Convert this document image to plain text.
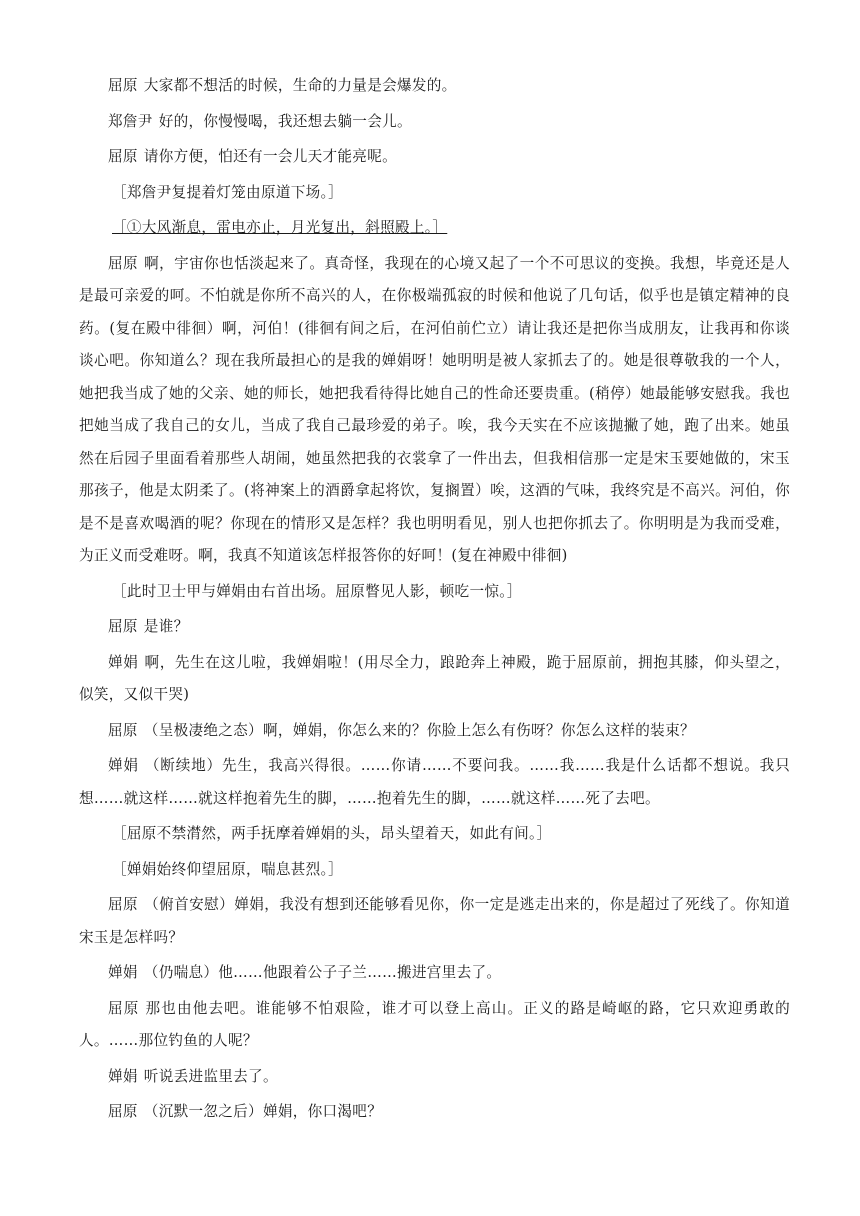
屈原 大家都不想活的时候，生命的力量是会爆发的。

郑詹尹 好的，你慢慢喝，我还想去躺一会儿。

屈原 请你方便，怕还有一会儿天才能亮呢。

［郑詹尹复提着灯笼由原道下场。］

［①大风渐息，雷电亦止，月光复出，斜照殿上。］

屈原 啊，宇宙你也恬淡起来了。真奇怪，我现在的心境又起了一个不可思议的变换。我想，毕竟还是人是最可亲爱的呵。不怕就是你所不高兴的人，在你极端孤寂的时候和他说了几句话，似乎也是镇定精神的良药。(复在殿中徘徊）啊，河伯！(徘徊有间之后，在河伯前伫立）请让我还是把你当成朋友，让我再和你谈谈心吧。你知道么？现在我所最担心的是我的婵娟呀！她明明是被人家抓去了的。她是很尊敬我的一个人，她把我当成了她的父亲、她的师长，她把我看待得比她自己的性命还要贵重。(稍停）她最能够安慰我。我也把她当成了我自己的女儿，当成了我自己最珍爱的弟子。唉，我今天实在不应该抛撇了她，跑了出来。她虽然在后园子里面看着那些人胡闹，她虽然把我的衣裳拿了一件出去，但我相信那一定是宋玉要她做的，宋玉那孩子，他是太阴柔了。(将神案上的酒爵拿起将饮，复搁置）唉，这酒的气味，我终究是不高兴。河伯，你是不是喜欢喝酒的呢？你现在的情形又是怎样？我也明明看见，别人也把你抓去了。你明明是为我而受难，为正义而受难呀。啊，我真不知道该怎样报答你的好呵！(复在神殿中徘徊)

［此时卫士甲与婵娟由右首出场。屈原瞥见人影，顿吃一惊。］

屈原 是谁？

婵娟 啊，先生在这儿啦，我婵娟啦！(用尽全力，踉跄奔上神殿，跪于屈原前，拥抱其膝，仰头望之，似笑，又似干哭)

屈原 （呈极凄绝之态）啊，婵娟，你怎么来的？你脸上怎么有伤呀？你怎么这样的装束？

婵娟 （断续地）先生，我高兴得很。……你请……不要问我。……我……我是什么话都不想说。我只想……就这样……就这样抱着先生的脚，……抱着先生的脚，……就这样……死了去吧。

［屈原不禁潸然，两手抚摩着婵娟的头，昂头望着天，如此有间。］

［婵娟始终仰望屈原，喘息甚烈。］

屈原 （俯首安慰）婵娟，我没有想到还能够看见你，你一定是逃走出来的，你是超过了死线了。你知道宋玉是怎样吗？

婵娟 （仍喘息）他……他跟着公子子兰……搬进宫里去了。

屈原 那也由他去吧。谁能够不怕艰险，谁才可以登上高山。正义的路是崎岖的路，它只欢迎勇敢的人。……那位钓鱼的人呢？

婵娟 听说丢进监里去了。

屈原 （沉默一忽之后）婵娟，你口渴吧？
